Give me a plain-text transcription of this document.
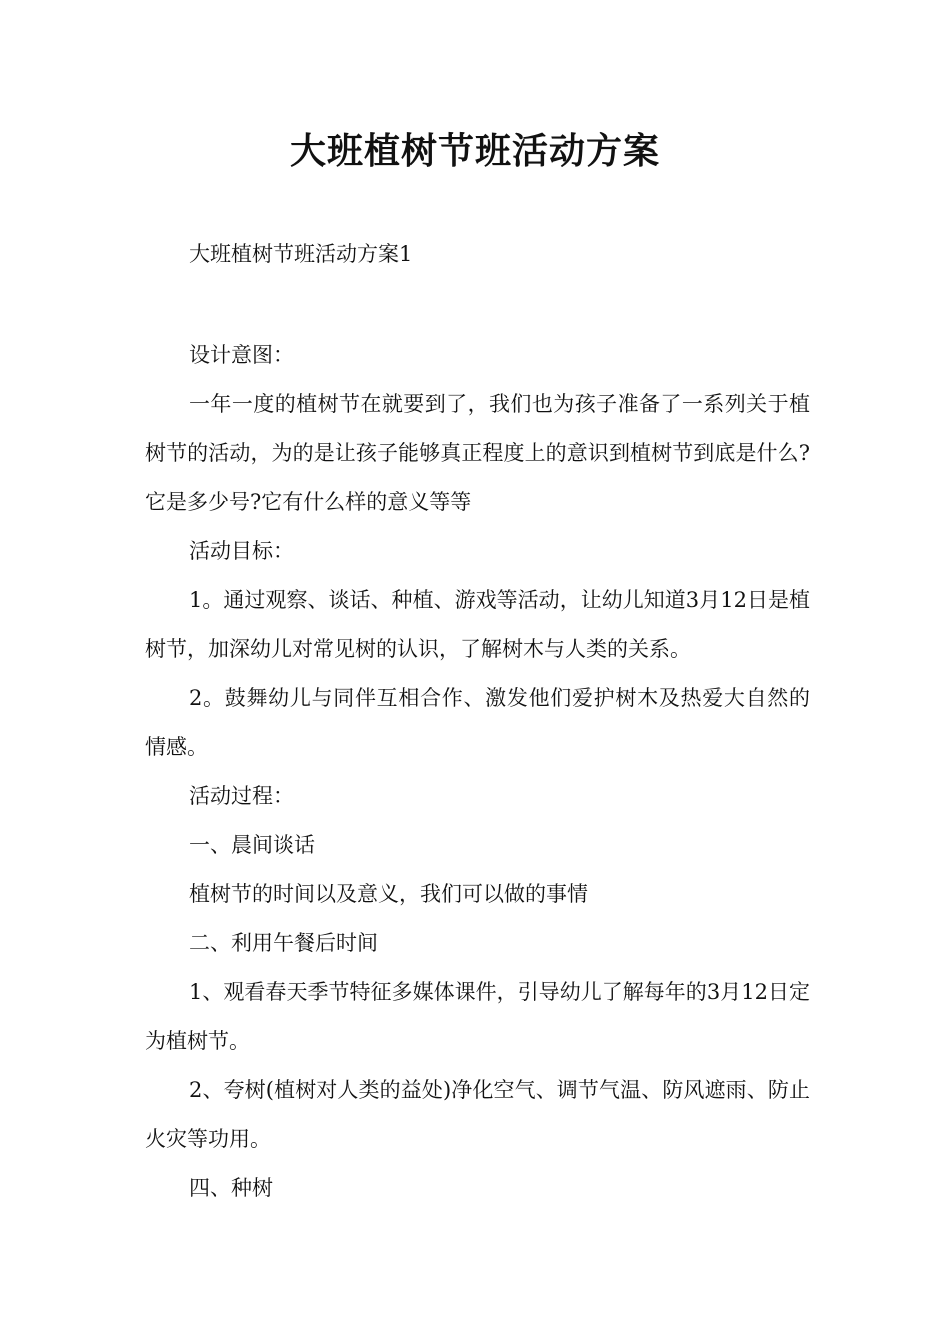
大班植树节班活动方案

大班植树节班活动方案1

设计意图：

一年一度的植树节在就要到了，我们也为孩子准备了一系列关于植树节的活动，为的是让孩子能够真正程度上的意识到植树节到底是什么?它是多少号?它有什么样的意义等等

活动目标：

1。通过观察、谈话、种植、游戏等活动，让幼儿知道3月12日是植树节，加深幼儿对常见树的认识，了解树木与人类的关系。

2。鼓舞幼儿与同伴互相合作、激发他们爱护树木及热爱大自然的情感。

活动过程：

一、晨间谈话

植树节的时间以及意义，我们可以做的事情

二、利用午餐后时间

1、观看春天季节特征多媒体课件，引导幼儿了解每年的3月12日定为植树节。

2、夸树(植树对人类的益处)净化空气、调节气温、防风遮雨、防止火灾等功用。

四、种树
